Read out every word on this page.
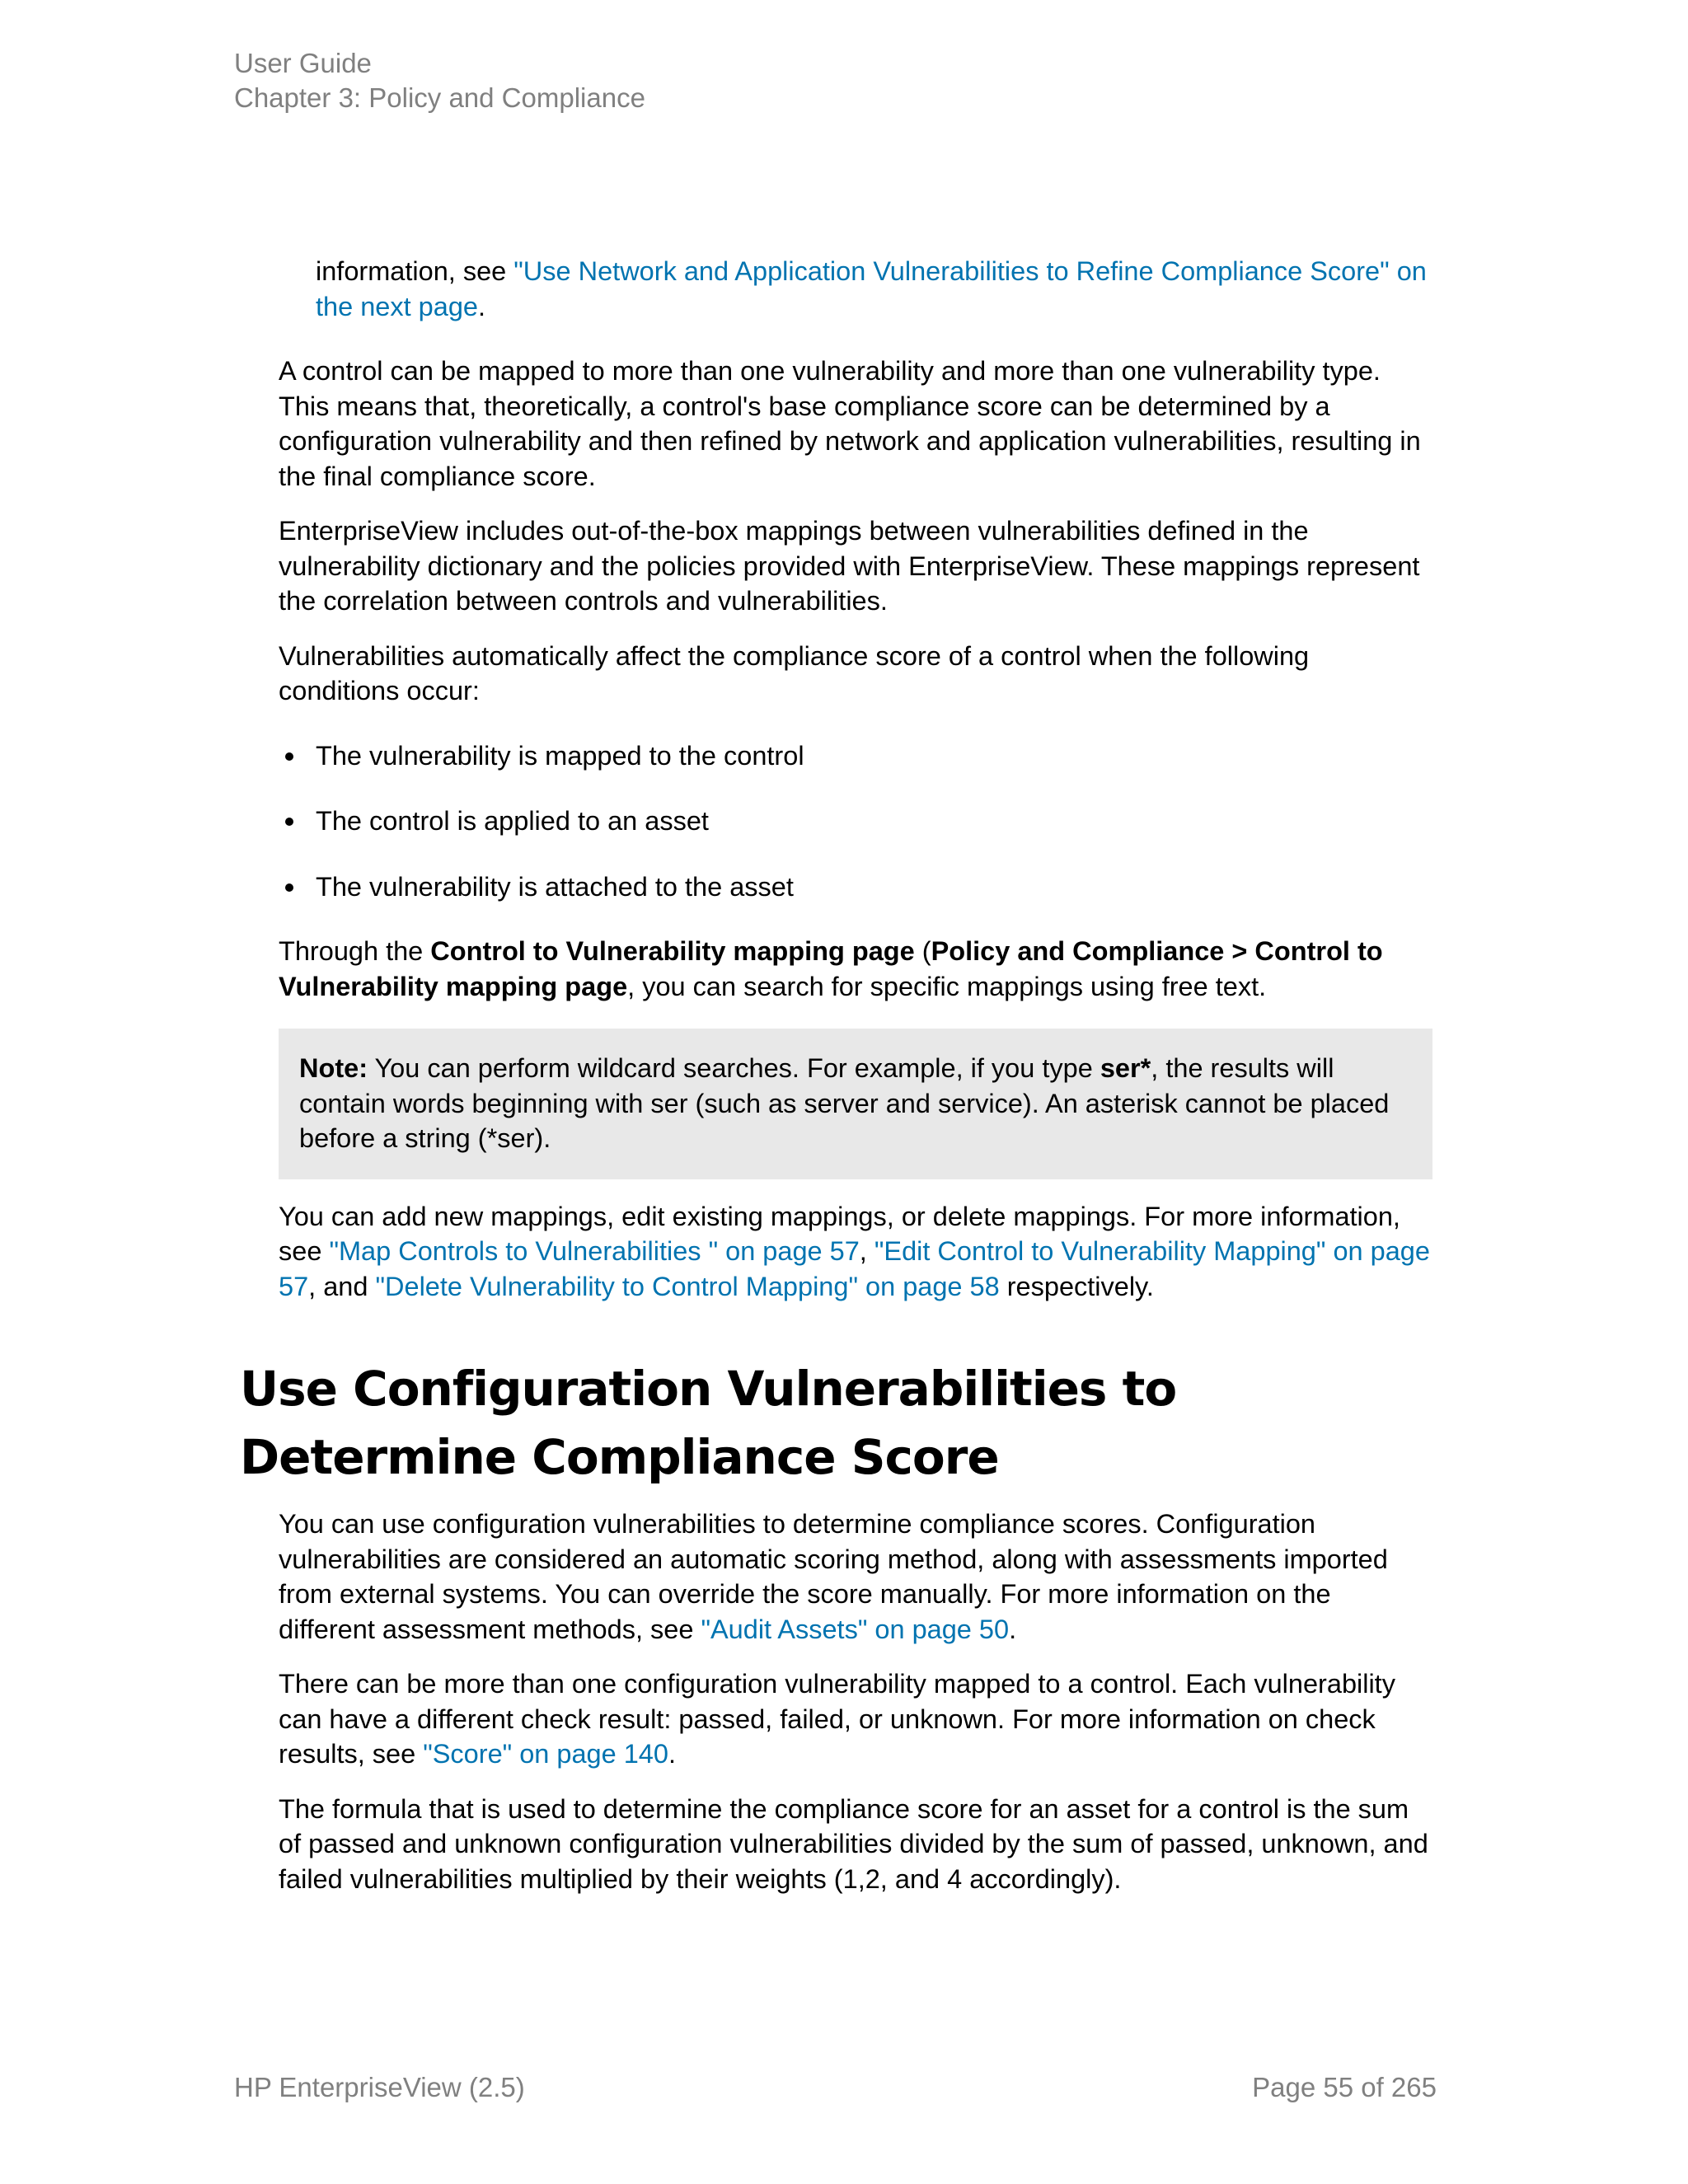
User Guide
Chapter 3: Policy and Compliance

information, see "Use Network and Application Vulnerabilities to Refine Compliance Score" on the next page.

A control can be mapped to more than one vulnerability and more than one vulnerability type. This means that, theoretically, a control's base compliance score can be determined by a configuration vulnerability and then refined by network and application vulnerabilities, resulting in the final compliance score.

EnterpriseView includes out-of-the-box mappings between vulnerabilities defined in the vulnerability dictionary and the policies provided with EnterpriseView. These mappings represent the correlation between controls and vulnerabilities.

Vulnerabilities automatically affect the compliance score of a control when the following conditions occur:

The vulnerability is mapped to the control
The control is applied to an asset
The vulnerability is attached to the asset

Through the Control to Vulnerability mapping page (Policy and Compliance > Control to Vulnerability mapping page, you can search for specific mappings using free text.

Note: You can perform wildcard searches. For example, if you type ser*, the results will contain words beginning with ser (such as server and service). An asterisk cannot be placed before a string (*ser).

You can add new mappings, edit existing mappings, or delete mappings. For more information, see "Map Controls to Vulnerabilities " on page 57, "Edit Control to Vulnerability Mapping" on page 57, and "Delete Vulnerability to Control Mapping" on page 58 respectively.

Use Configuration Vulnerabilities to Determine Compliance Score

You can use configuration vulnerabilities to determine compliance scores. Configuration vulnerabilities are considered an automatic scoring method, along with assessments imported from external systems. You can override the score manually. For more information on the different assessment methods, see "Audit Assets" on page 50.

There can be more than one configuration vulnerability mapped to a control. Each vulnerability can have a different check result: passed, failed, or unknown. For more information on check results, see "Score" on page 140.

The formula that is used to determine the compliance score for an asset for a control is the sum of passed and unknown configuration vulnerabilities divided by the sum of passed, unknown, and failed vulnerabilities multiplied by their weights (1,2, and 4 accordingly).

HP EnterpriseView (2.5)	Page 55 of 265
